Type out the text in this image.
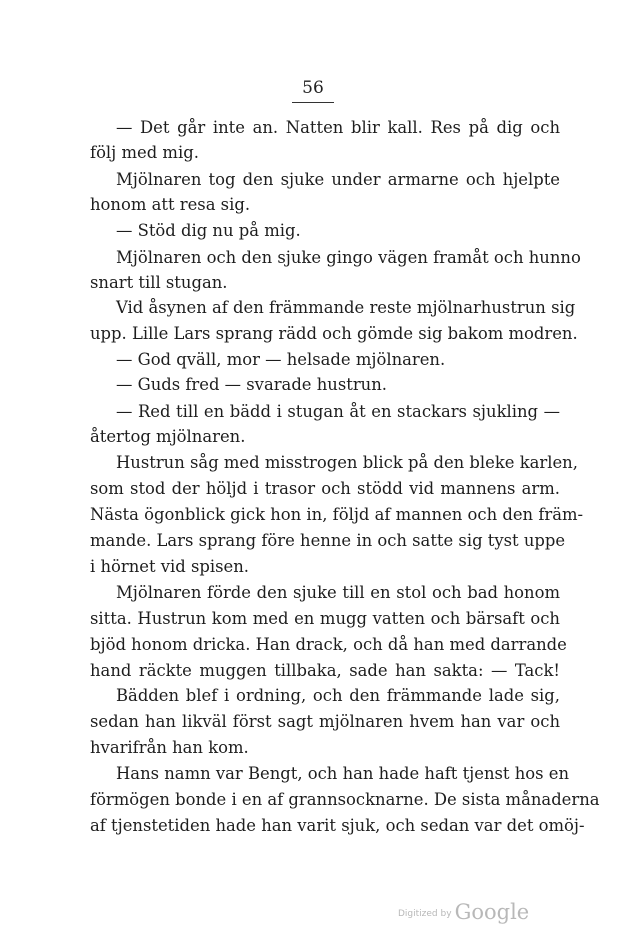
56
— Det går inte an. Natten blir kall. Res på dig och
följ med mig.
Mjölnaren tog den sjuke under armarne och hjelpte
honom att resa sig.
— Stöd dig nu på mig.
Mjölnaren och den sjuke gingo vägen framåt och hunno
snart till stugan.
Vid åsynen af den främmande reste mjölnarhustrun sig
upp. Lille Lars sprang rädd och gömde sig bakom modren.
— God qväll, mor — helsade mjölnaren.
— Guds fred — svarade hustrun.
— Red till en bädd i stugan åt en stackars sjukling —
återtog mjölnaren.
Hustrun såg med misstrogen blick på den bleke karlen,
som stod der höljd i trasor och stödd vid mannens arm.
Nästa ögonblick gick hon in, följd af mannen och den främ-
mande. Lars sprang före henne in och satte sig tyst uppe
i hörnet vid spisen.
Mjölnaren förde den sjuke till en stol och bad honom
sitta. Hustrun kom med en mugg vatten och bärsaft och
bjöd honom dricka. Han drack, och då han med darrande
hand räckte muggen tillbaka, sade han sakta: — Tack!
Bädden blef i ordning, och den främmande lade sig,
sedan han likväl först sagt mjölnaren hvem han var och
hvarifrån han kom.
Hans namn var Bengt, och han hade haft tjenst hos en
förmögen bonde i en af grannsocknarne. De sista månaderna
af tjenstetiden hade han varit sjuk, och sedan var det omöj-
Digitized by Google
